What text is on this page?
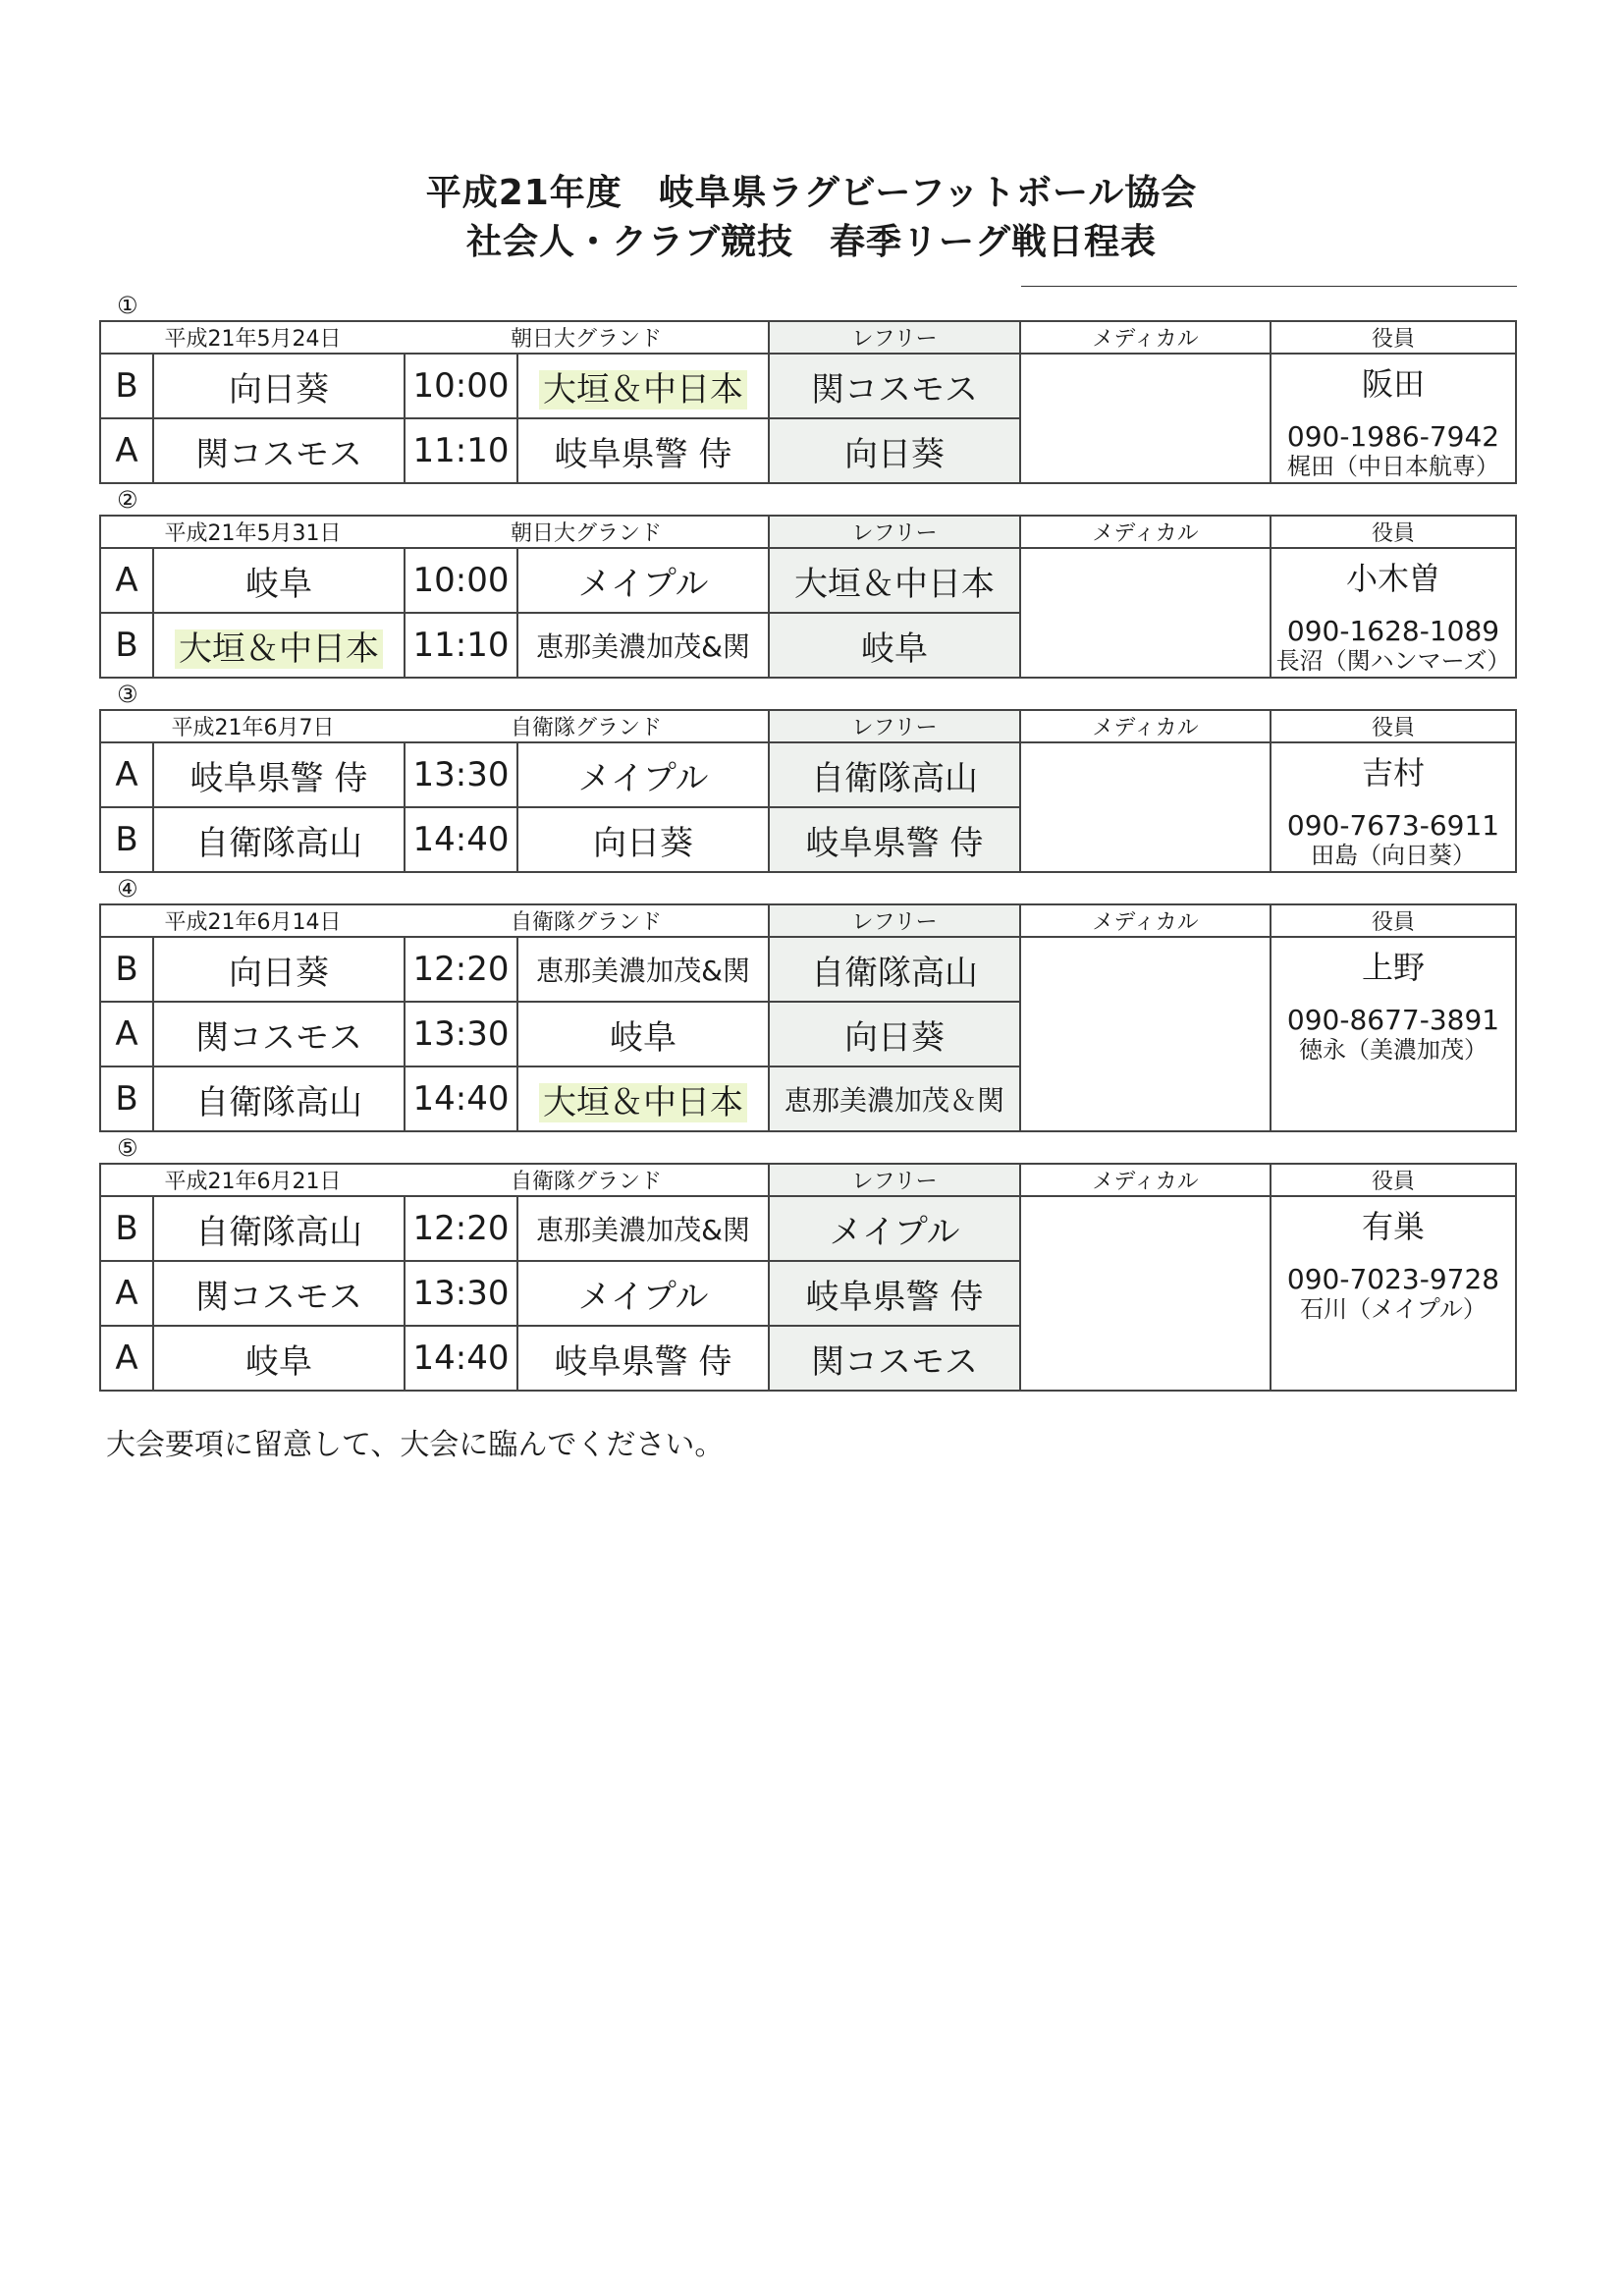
平成21年度　岐阜県ラグビーフットボール協会
社会人・クラブ競技　春季リーグ戦日程表
①
平成21年5月24日		朝日大グランド		レフリー	メディカル	役員
B	向日葵	10:00	大垣＆中日本	関コスモス		阪田
090-1986-7942
梶田（中日本航専）

A	関コスモス	11:10	岐阜県警 侍	向日葵		
②
平成21年5月31日		朝日大グランド		レフリー	メディカル	役員
A	岐阜	10:00	メイプル	大垣＆中日本		小木曽
090-1628-1089
長沼（関ハンマーズ）

B	大垣＆中日本	11:10	恵那美濃加茂&関	岐阜		
③
平成21年6月7日		自衛隊グランド		レフリー	メディカル	役員
A	岐阜県警 侍	13:30	メイプル	自衛隊高山		吉村
090-7673-6911
田島（向日葵）

B	自衛隊高山	14:40	向日葵	岐阜県警 侍		
④
平成21年6月14日		自衛隊グランド		レフリー	メディカル	役員
B	向日葵	12:20	恵那美濃加茂&関	自衛隊高山		上野
090-8677-3891
徳永（美濃加茂）

A	関コスモス	13:30	岐阜	向日葵		
B	自衛隊高山	14:40	大垣＆中日本	恵那美濃加茂＆関		
⑤
平成21年6月21日		自衛隊グランド		レフリー	メディカル	役員
B	自衛隊高山	12:20	恵那美濃加茂&関	メイプル		有巣
090-7023-9728
石川（メイプル）

A	関コスモス	13:30	メイプル	岐阜県警 侍		
A	岐阜	14:40	岐阜県警 侍	関コスモス		
大会要項に留意して、大会に臨んでください。
